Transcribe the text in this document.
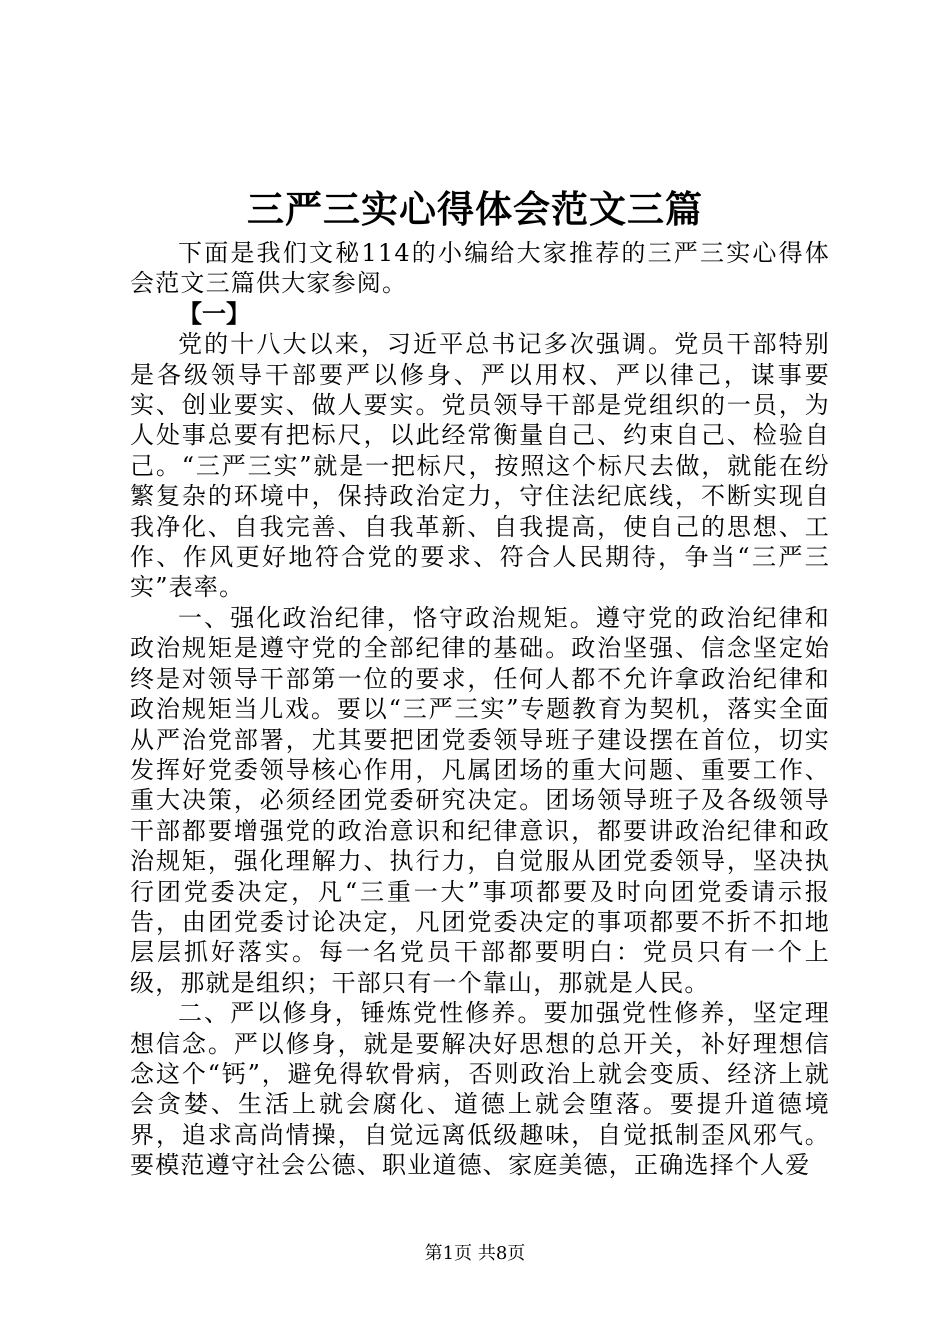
三严三实心得体会范文三篇

下面是我们文秘114的小编给大家推荐的三严三实心得体会范文三篇供大家参阅。

【一】

党的十八大以来，习近平总书记多次强调。党员干部特别是各级领导干部要严以修身、严以用权、严以律己，谋事要实、创业要实、做人要实。党员领导干部是党组织的一员，为人处事总要有把标尺，以此经常衡量自己、约束自己、检验自己。“三严三实”就是一把标尺，按照这个标尺去做，就能在纷繁复杂的环境中，保持政治定力，守住法纪底线，不断实现自我净化、自我完善、自我革新、自我提高，使自己的思想、工作、作风更好地符合党的要求、符合人民期待，争当“三严三实”表率。

一、强化政治纪律，恪守政治规矩。遵守党的政治纪律和政治规矩是遵守党的全部纪律的基础。政治坚强、信念坚定始终是对领导干部第一位的要求，任何人都不允许拿政治纪律和政治规矩当儿戏。要以“三严三实”专题教育为契机，落实全面从严治党部署，尤其要把团党委领导班子建设摆在首位，切实发挥好党委领导核心作用，凡属团场的重大问题、重要工作、重大决策，必须经团党委研究决定。团场领导班子及各级领导干部都要增强党的政治意识和纪律意识，都要讲政治纪律和政治规矩，强化理解力、执行力，自觉服从团党委领导，坚决执行团党委决定，凡“三重一大”事项都要及时向团党委请示报告，由团党委讨论决定，凡团党委决定的事项都要不折不扣地层层抓好落实。每一名党员干部都要明白：党员只有一个上级，那就是组织；干部只有一个靠山，那就是人民。

二、严以修身，锤炼党性修养。要加强党性修养，坚定理想信念。严以修身，就是要解决好思想的总开关，补好理想信念这个“钙”，避免得软骨病，否则政治上就会变质、经济上就会贪婪、生活上就会腐化、道德上就会堕落。要提升道德境界，追求高尚情操，自觉远离低级趣味，自觉抵制歪风邪气。要模范遵守社会公德、职业道德、家庭美德，正确选择个人爱

第1页 共8页
